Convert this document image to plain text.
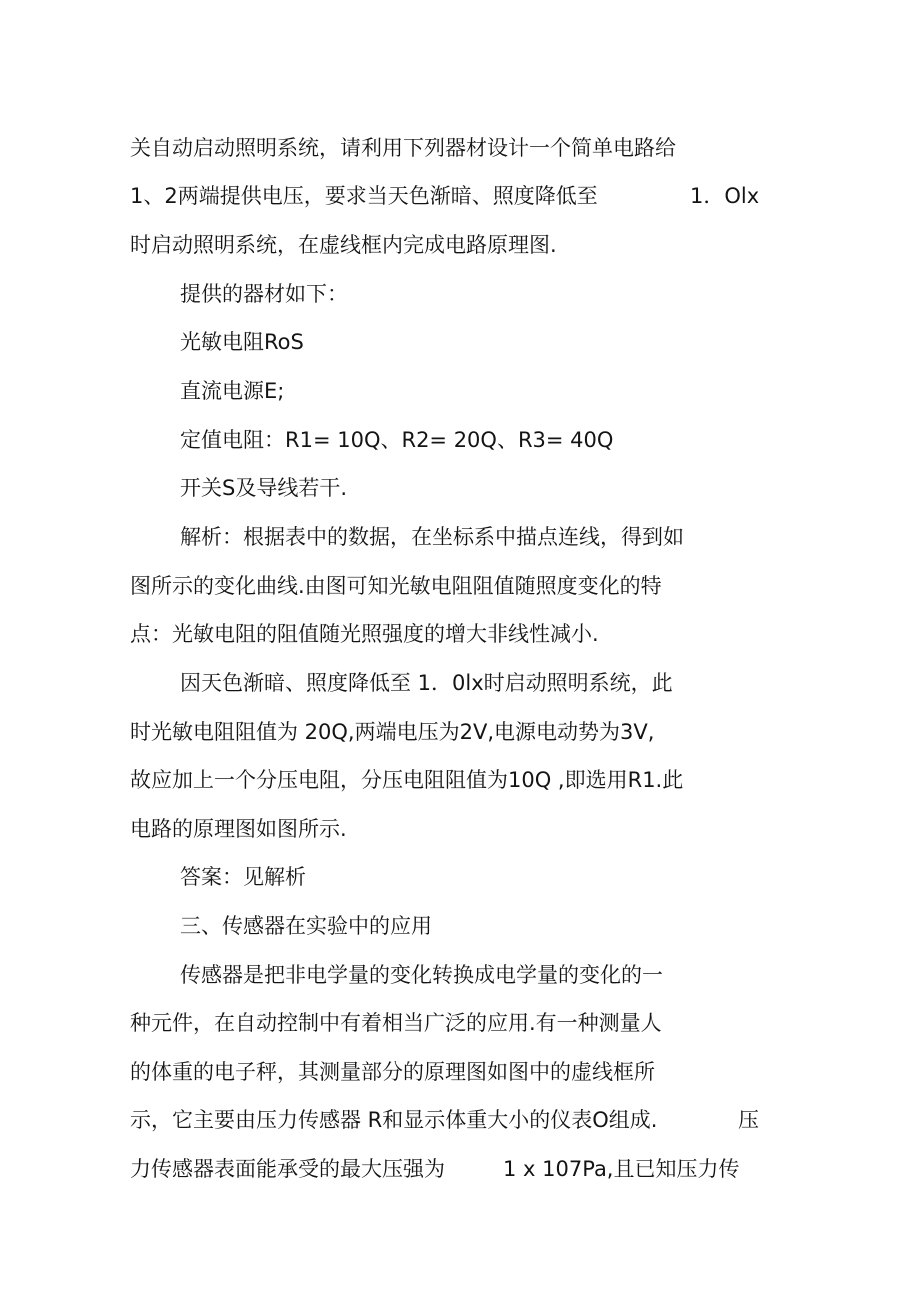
关自动启动照明系统，请利用下列器材设计一个简单电路给
1、2两端提供电压，要求当天色渐暗、照度降低至	1．Olx
时启动照明系统，在虚线框内完成电路原理图.
提供的器材如下：
光敏电阻RoS
直流电源E;
定值电阻：R1= 10Q、R2= 20Q、R3= 40Q
开关S及导线若干.
解析：根据表中的数据，在坐标系中描点连线，得到如
图所示的变化曲线.由图可知光敏电阻阻值随照度变化的特
点：光敏电阻的阻值随光照强度的增大非线性减小.
因天色渐暗、照度降低至 1．0lx时启动照明系统，此
时光敏电阻阻值为 20Q,两端电压为2V,电源电动势为3V,
故应加上一个分压电阻，分压电阻阻值为10Q ,即选用R1.此
电路的原理图如图所示.
答案：见解析
三、传感器在实验中的应用
传感器是把非电学量的变化转换成电学量的变化的一
种元件，在自动控制中有着相当广泛的应用.有一种测量人
的体重的电子秤，其测量部分的原理图如图中的虚线框所
示，它主要由压力传感器 R和显示体重大小的仪表O组成.	压
力传感器表面能承受的最大压强为	1 x 107Pa,且已知压力传
